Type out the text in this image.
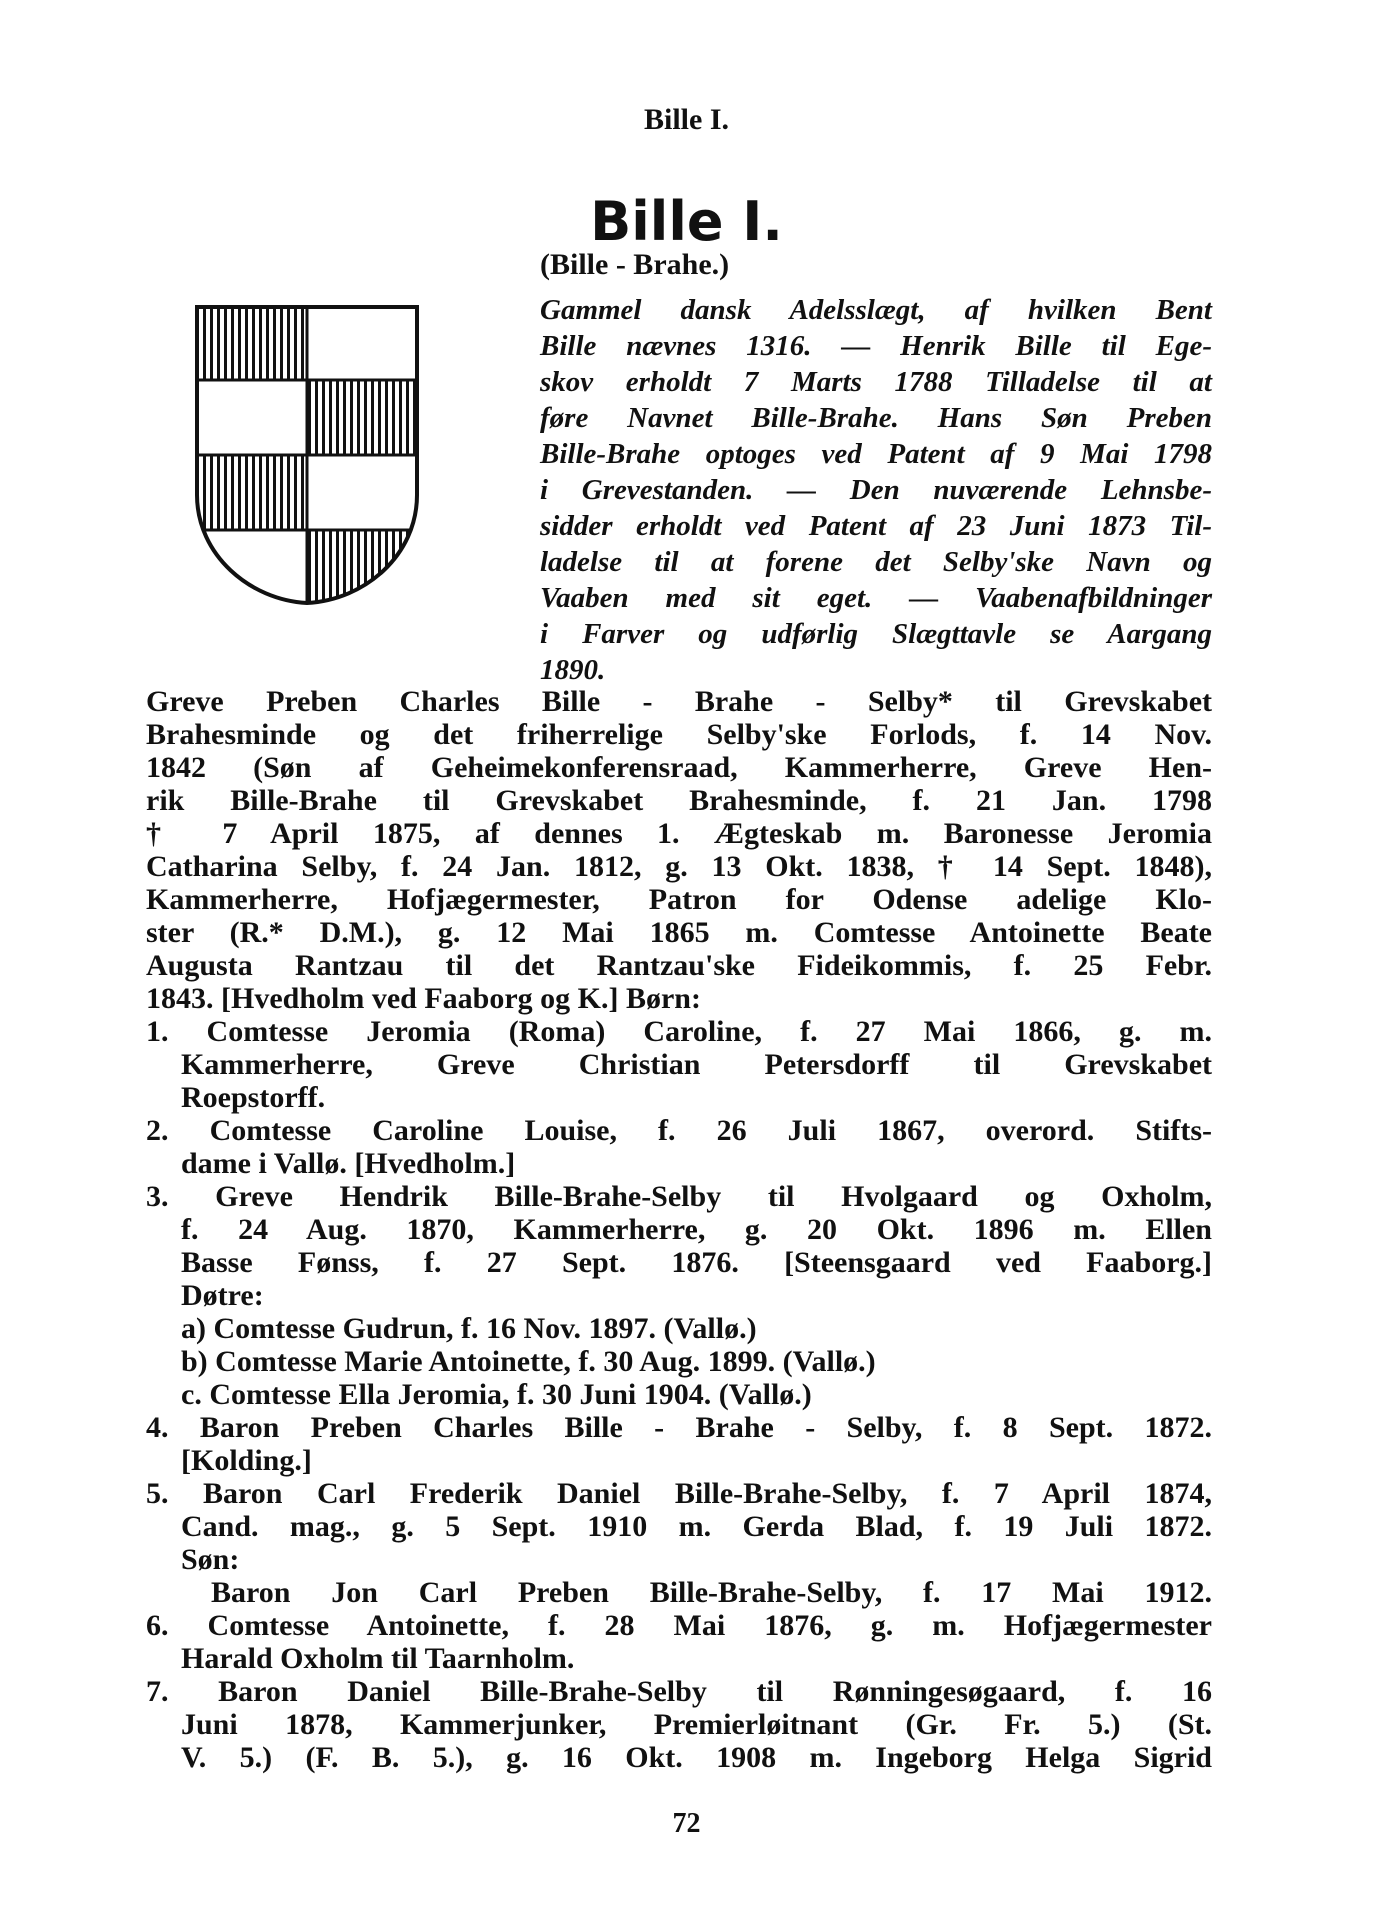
Bille I.
Bille I.
(Bille - Brahe.)
Gammel dansk Adelsslægt, af hvilken Bent
Bille nævnes 1316. — Henrik Bille til Ege-
skov erholdt 7 Marts 1788 Tilladelse til at
føre Navnet Bille-Brahe. Hans Søn Preben
Bille-Brahe optoges ved Patent af 9 Mai 1798
i Grevestanden. — Den nuværende Lehnsbe-
sidder erholdt ved Patent af 23 Juni 1873 Til-
ladelse til at forene det Selby'ske Navn og
Vaaben med sit eget. — Vaabenafbildninger
i Farver og udførlig Slægttavle se Aargang
1890.
Greve Preben Charles Bille - Brahe - Selby* til Grevskabet
Brahesminde og det friherrelige Selby'ske Forlods, f. 14 Nov.
1842 (Søn af Geheimekonferensraad, Kammerherre, Greve Hen-
rik Bille-Brahe til Grevskabet Brahesminde, f. 21 Jan. 1798
† 7 April 1875, af dennes 1. Ægteskab m. Baronesse Jeromia
Catharina Selby, f. 24 Jan. 1812, g. 13 Okt. 1838, † 14 Sept. 1848),
Kammerherre, Hofjægermester, Patron for Odense adelige Klo-
ster (R.* D.M.), g. 12 Mai 1865 m. Comtesse Antoinette Beate
Augusta Rantzau til det Rantzau'ske Fideikommis, f. 25 Febr.
1843. [Hvedholm ved Faaborg og K.] Børn:
1. Comtesse Jeromia (Roma) Caroline, f. 27 Mai 1866, g. m.
Kammerherre, Greve Christian Petersdorff til Grevskabet
Roepstorff.
2. Comtesse Caroline Louise, f. 26 Juli 1867, overord. Stifts-
dame i Vallø. [Hvedholm.]
3. Greve Hendrik Bille-Brahe-Selby til Hvolgaard og Oxholm,
f. 24 Aug. 1870, Kammerherre, g. 20 Okt. 1896 m. Ellen
Basse Fønss, f. 27 Sept. 1876. [Steensgaard ved Faaborg.]
Døtre:
a) Comtesse Gudrun, f. 16 Nov. 1897. (Vallø.)
b) Comtesse Marie Antoinette, f. 30 Aug. 1899. (Vallø.)
c. Comtesse Ella Jeromia, f. 30 Juni 1904. (Vallø.)
4. Baron Preben Charles Bille - Brahe - Selby, f. 8 Sept. 1872.
[Kolding.]
5. Baron Carl Frederik Daniel Bille-Brahe-Selby, f. 7 April 1874,
Cand. mag., g. 5 Sept. 1910 m. Gerda Blad, f. 19 Juli 1872.
Søn:
Baron Jon Carl Preben Bille-Brahe-Selby, f. 17 Mai 1912.
6. Comtesse Antoinette, f. 28 Mai 1876, g. m. Hofjægermester
Harald Oxholm til Taarnholm.
7. Baron Daniel Bille-Brahe-Selby til Rønningesøgaard, f. 16
Juni 1878, Kammerjunker, Premierløitnant (Gr. Fr. 5.) (St.
V. 5.) (F. B. 5.), g. 16 Okt. 1908 m. Ingeborg Helga Sigrid
72
